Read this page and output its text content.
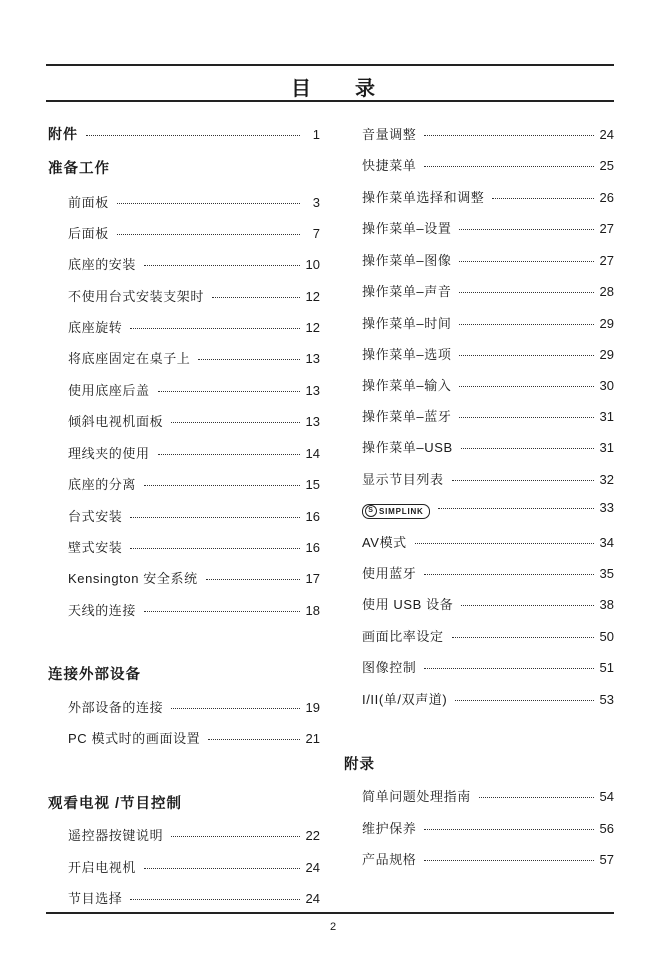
目 录
附件	1
准备工作
前面板	3
后面板	7
底座的安装	10
不使用台式安装支架时	12
底座旋转	12
将底座固定在桌子上	13
使用底座后盖	13
倾斜电视机面板	13
理线夹的使用	14
底座的分离	15
台式安装	16
壁式安装	16
Kensington 安全系统	17
天线的连接	18
连接外部设备
外部设备的连接	19
PC 模式时的画面设置	21
观看电视 /节目控制
遥控器按键说明	22
开启电视机	24
节目选择	24
音量调整	24
快捷菜单	25
操作菜单选择和调整	26
操作菜单–设置	27
操作菜单–图像	27
操作菜单–声音	28
操作菜单–时间	29
操作菜单–选项	29
操作菜单–输入	30
操作菜单–蓝牙	31
操作菜单–USB	31
显示节目列表	32
S SIMPLINK	33
AV模式	34
使用蓝牙	35
使用 USB 设备	38
画面比率设定	50
图像控制	51
I/II(单/双声道)	53
附录
简单问题处理指南	54
维护保养	56
产品规格	57
2
